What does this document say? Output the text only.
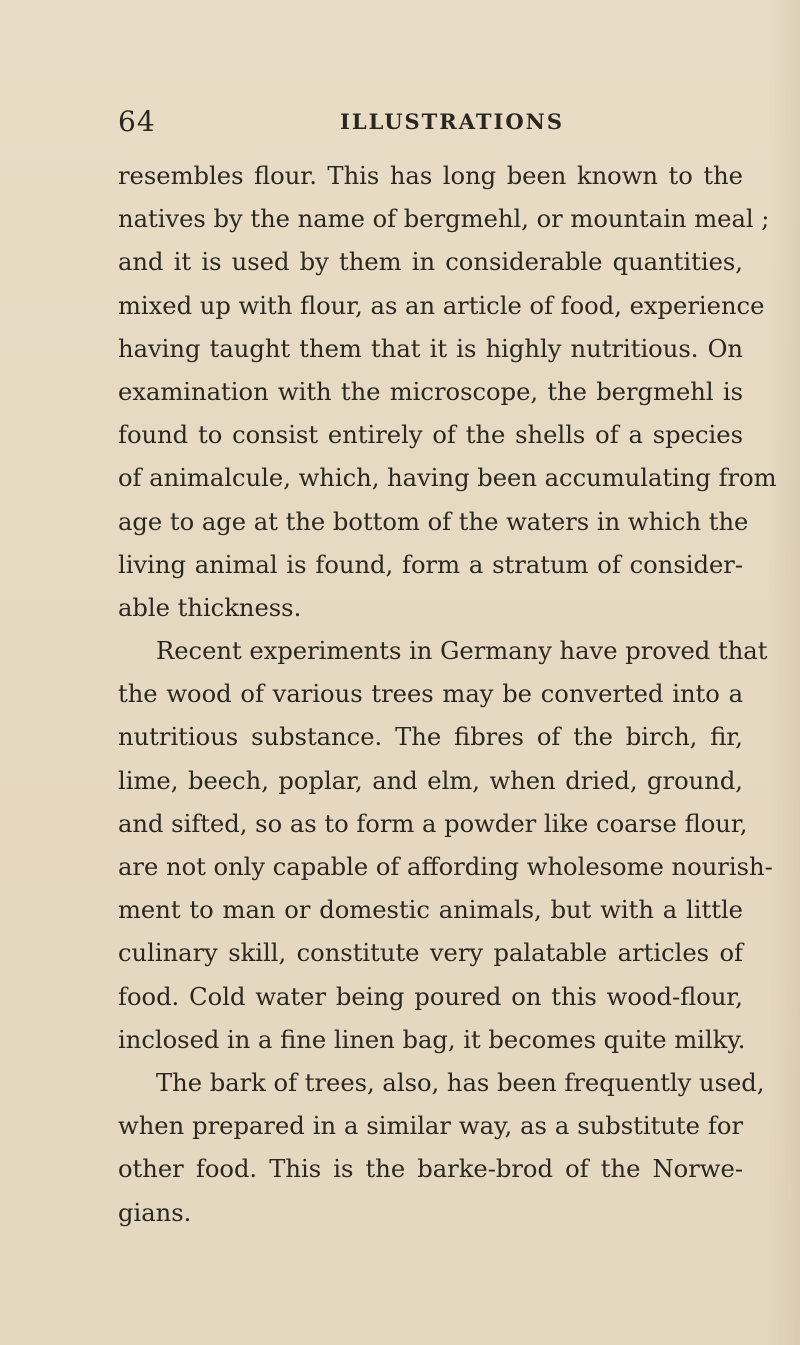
64	ILLUSTRATIONS
resembles flour. This has long been known to the
natives by the name of bergmehl, or mountain meal ;
and it is used by them in considerable quantities,
mixed up with flour, as an article of food, experience
having taught them that it is highly nutritious. On
examination with the microscope, the bergmehl is
found to consist entirely of the shells of a species
of animalcule, which, having been accumulating from
age to age at the bottom of the waters in which the
living animal is found, form a stratum of consider-
able thickness.
Recent experiments in Germany have proved that
the wood of various trees may be converted into a
nutritious substance. The fibres of the birch, fir,
lime, beech, poplar, and elm, when dried, ground,
and sifted, so as to form a powder like coarse flour,
are not only capable of affording wholesome nourish-
ment to man or domestic animals, but with a little
culinary skill, constitute very palatable articles of
food. Cold water being poured on this wood-flour,
inclosed in a fine linen bag, it becomes quite milky.
The bark of trees, also, has been frequently used,
when prepared in a similar way, as a substitute for
other food. This is the barke-brod of the Norwe-
gians.
